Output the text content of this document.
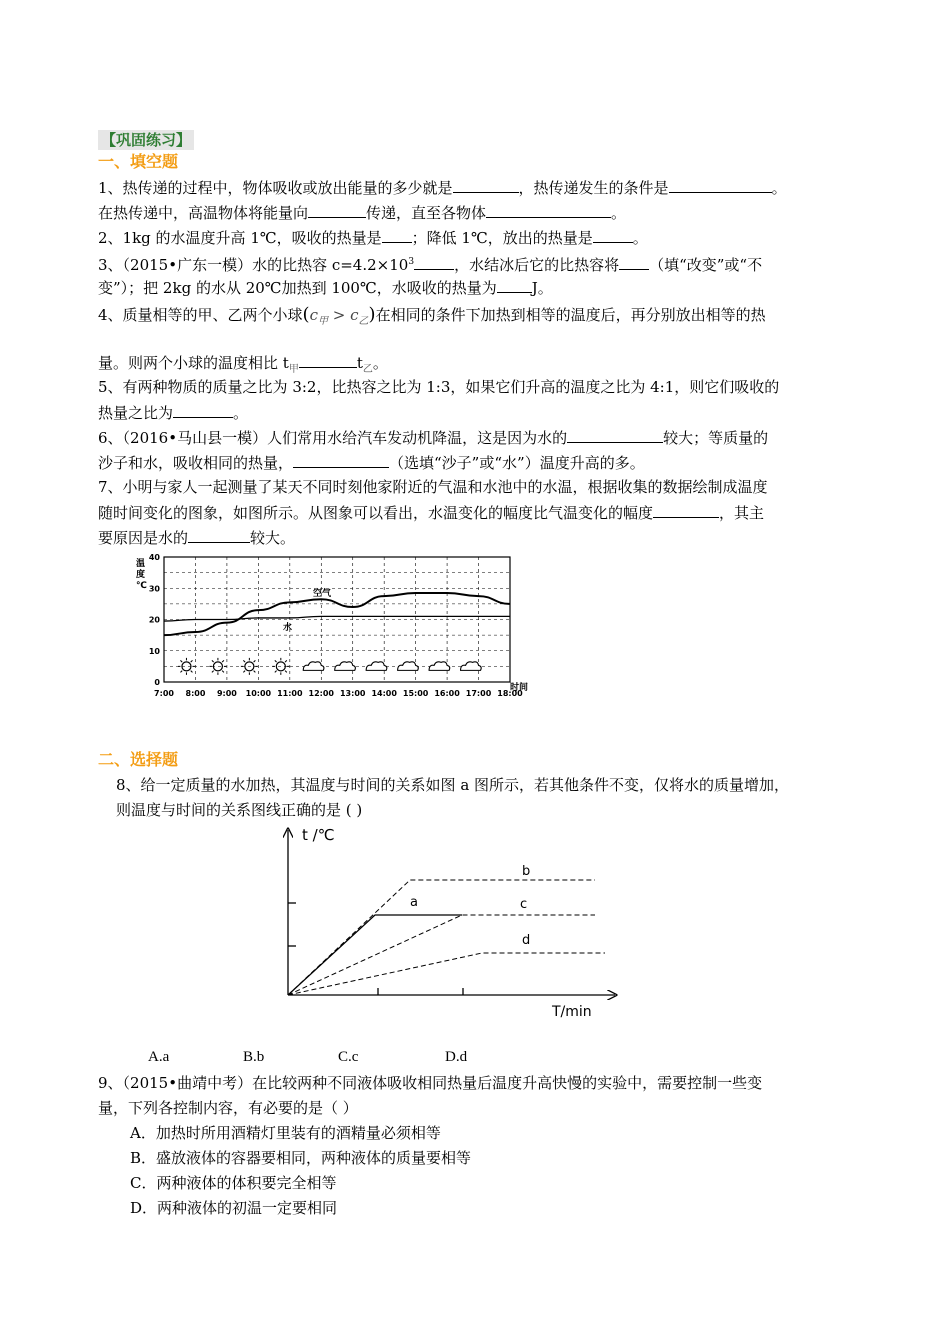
【巩固练习】
一、填空题
1、热传递的过程中，物体吸收或放出能量的多少就是	，热传递发生的条件是	。
在热传递中，高温物体将能量向	传递，直至各物体	。
2、1kg 的水温度升高 1℃，吸收的热量是 ；降低 1℃，放出的热量是	。
3、（2015•广东一模）水的比热容 $c=4.2\times 10^3$	，水结冰后它的比热容将 （填“改变”或“不
变”）；把 2kg 的水从 20℃加热到 100℃，水吸收的热量为 J。
4、质量相等的甲、乙两个小球$(c_甲 > c_乙)$在相同的条件下加热到相等的温度后，再分别放出相等的热
量。则两个小球的温度相比 $t_甲$	$t_乙$。
5、有两种物质的质量之比为 3:2，比热容之比为 1:3，如果它们升高的温度之比为 4:1，则它们吸收的
热量之比为	。
6、（2016•马山县一模）人们常用水给汽车发动机降温，这是因为水的	较大；等质量的
沙子和水，吸收相同的热量，	（选填“沙子”或“水”）温度升高的多。
7、小明与家人一起测量了某天不同时刻他家附近的气温和水池中的水温，根据收集的数据绘制成温度
随时间变化的图象，如图所示。从图象可以看出，水温变化的幅度比气温变化的幅度	，其主
要原因是水的	较大。
0
10
20
30
40
7:00 8:00 9:00 10:00 11:00 12:00 13:00 14:00 15:00 16:00 17:00 18:00
温
度
℃
时间
空气
水
二、选择题
8、给一定质量的水加热，其温度与时间的关系如图 a 图所示，若其他条件不变，仅将水的质量增加，
则温度与时间的关系图线正确的是 ( )
t /℃
T/min
a
b
c
d
A.a	B.b	C.c	D.d
9、（2015•曲靖中考）在比较两种不同液体吸收相同热量后温度升高快慢的实验中，需要控制一些变
量，下列各控制内容，有必要的是（ ）
A．加热时所用酒精灯里装有的酒精量必须相等
B．盛放液体的容器要相同，两种液体的质量要相等
C．两种液体的体积要完全相等
D．两种液体的初温一定要相同
